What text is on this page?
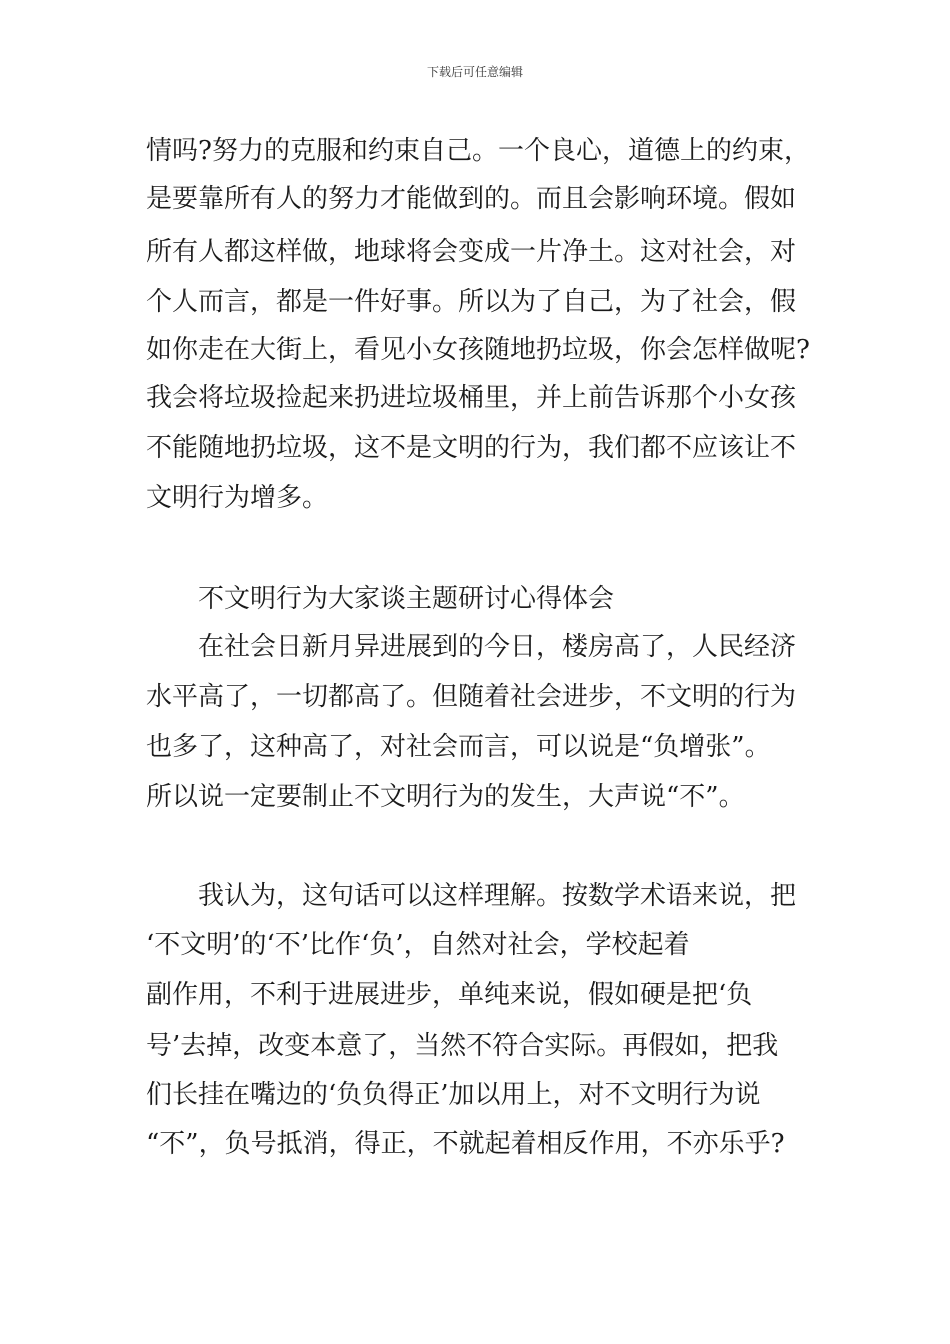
下载后可任意编辑
情吗?努力的克服和约束自己。一个良心，道德上的约束，
是要靠所有人的努力才能做到的。而且会影响环境。假如
所有人都这样做，地球将会变成一片净土。这对社会，对
个人而言，都是一件好事。所以为了自己，为了社会，假
如你走在大街上，看见小女孩随地扔垃圾，你会怎样做呢?
我会将垃圾捡起来扔进垃圾桶里，并上前告诉那个小女孩
不能随地扔垃圾，这不是文明的行为，我们都不应该让不
文明行为增多。
不文明行为大家谈主题研讨心得体会
在社会日新月异进展到的今日，楼房高了，人民经济
水平高了，一切都高了。但随着社会进步，不文明的行为
也多了，这种高了，对社会而言，可以说是“负增张”。
所以说一定要制止不文明行为的发生，大声说“不”。
我认为，这句话可以这样理解。按数学术语来说，把
‘不文明’的‘不’比作‘负’，自然对社会，学校起着
副作用，不利于进展进步，单纯来说，假如硬是把‘负
号’去掉，改变本意了，当然不符合实际。再假如，把我
们长挂在嘴边的‘负负得正’加以用上，对不文明行为说
“不”，负号抵消，得正，不就起着相反作用，不亦乐乎?
